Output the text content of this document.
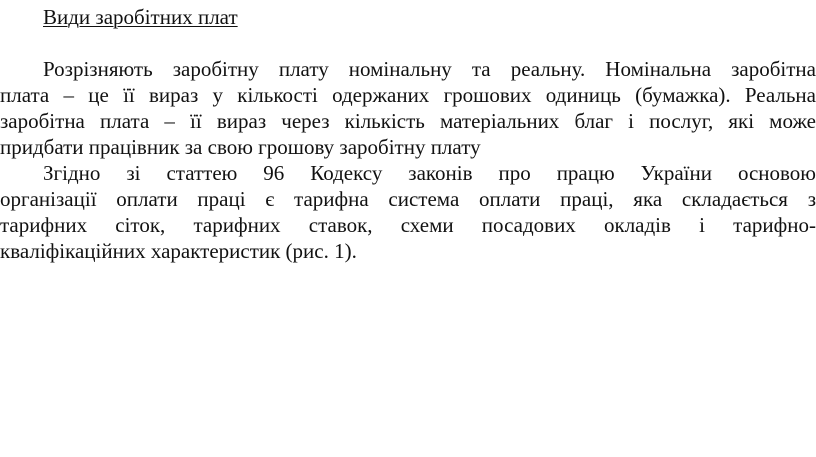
Види заробітних плат
Розрізняють заробітну плату номінальну та реальну. Номінальна заробітна
плата – це її вираз у кількості одержаних грошових одиниць (бумажка). Реальна
заробітна плата – її вираз через кількість матеріальних благ і послуг, які може
придбати працівник за свою грошову заробітну плату
Згідно зі статтею 96 Кодексу законів про працю України основою
організації оплати праці є тарифна система оплати праці, яка складається з
тарифних сіток, тарифних ставок, схеми посадових окладів і тарифно-
кваліфікаційних характеристик (рис. 1).
